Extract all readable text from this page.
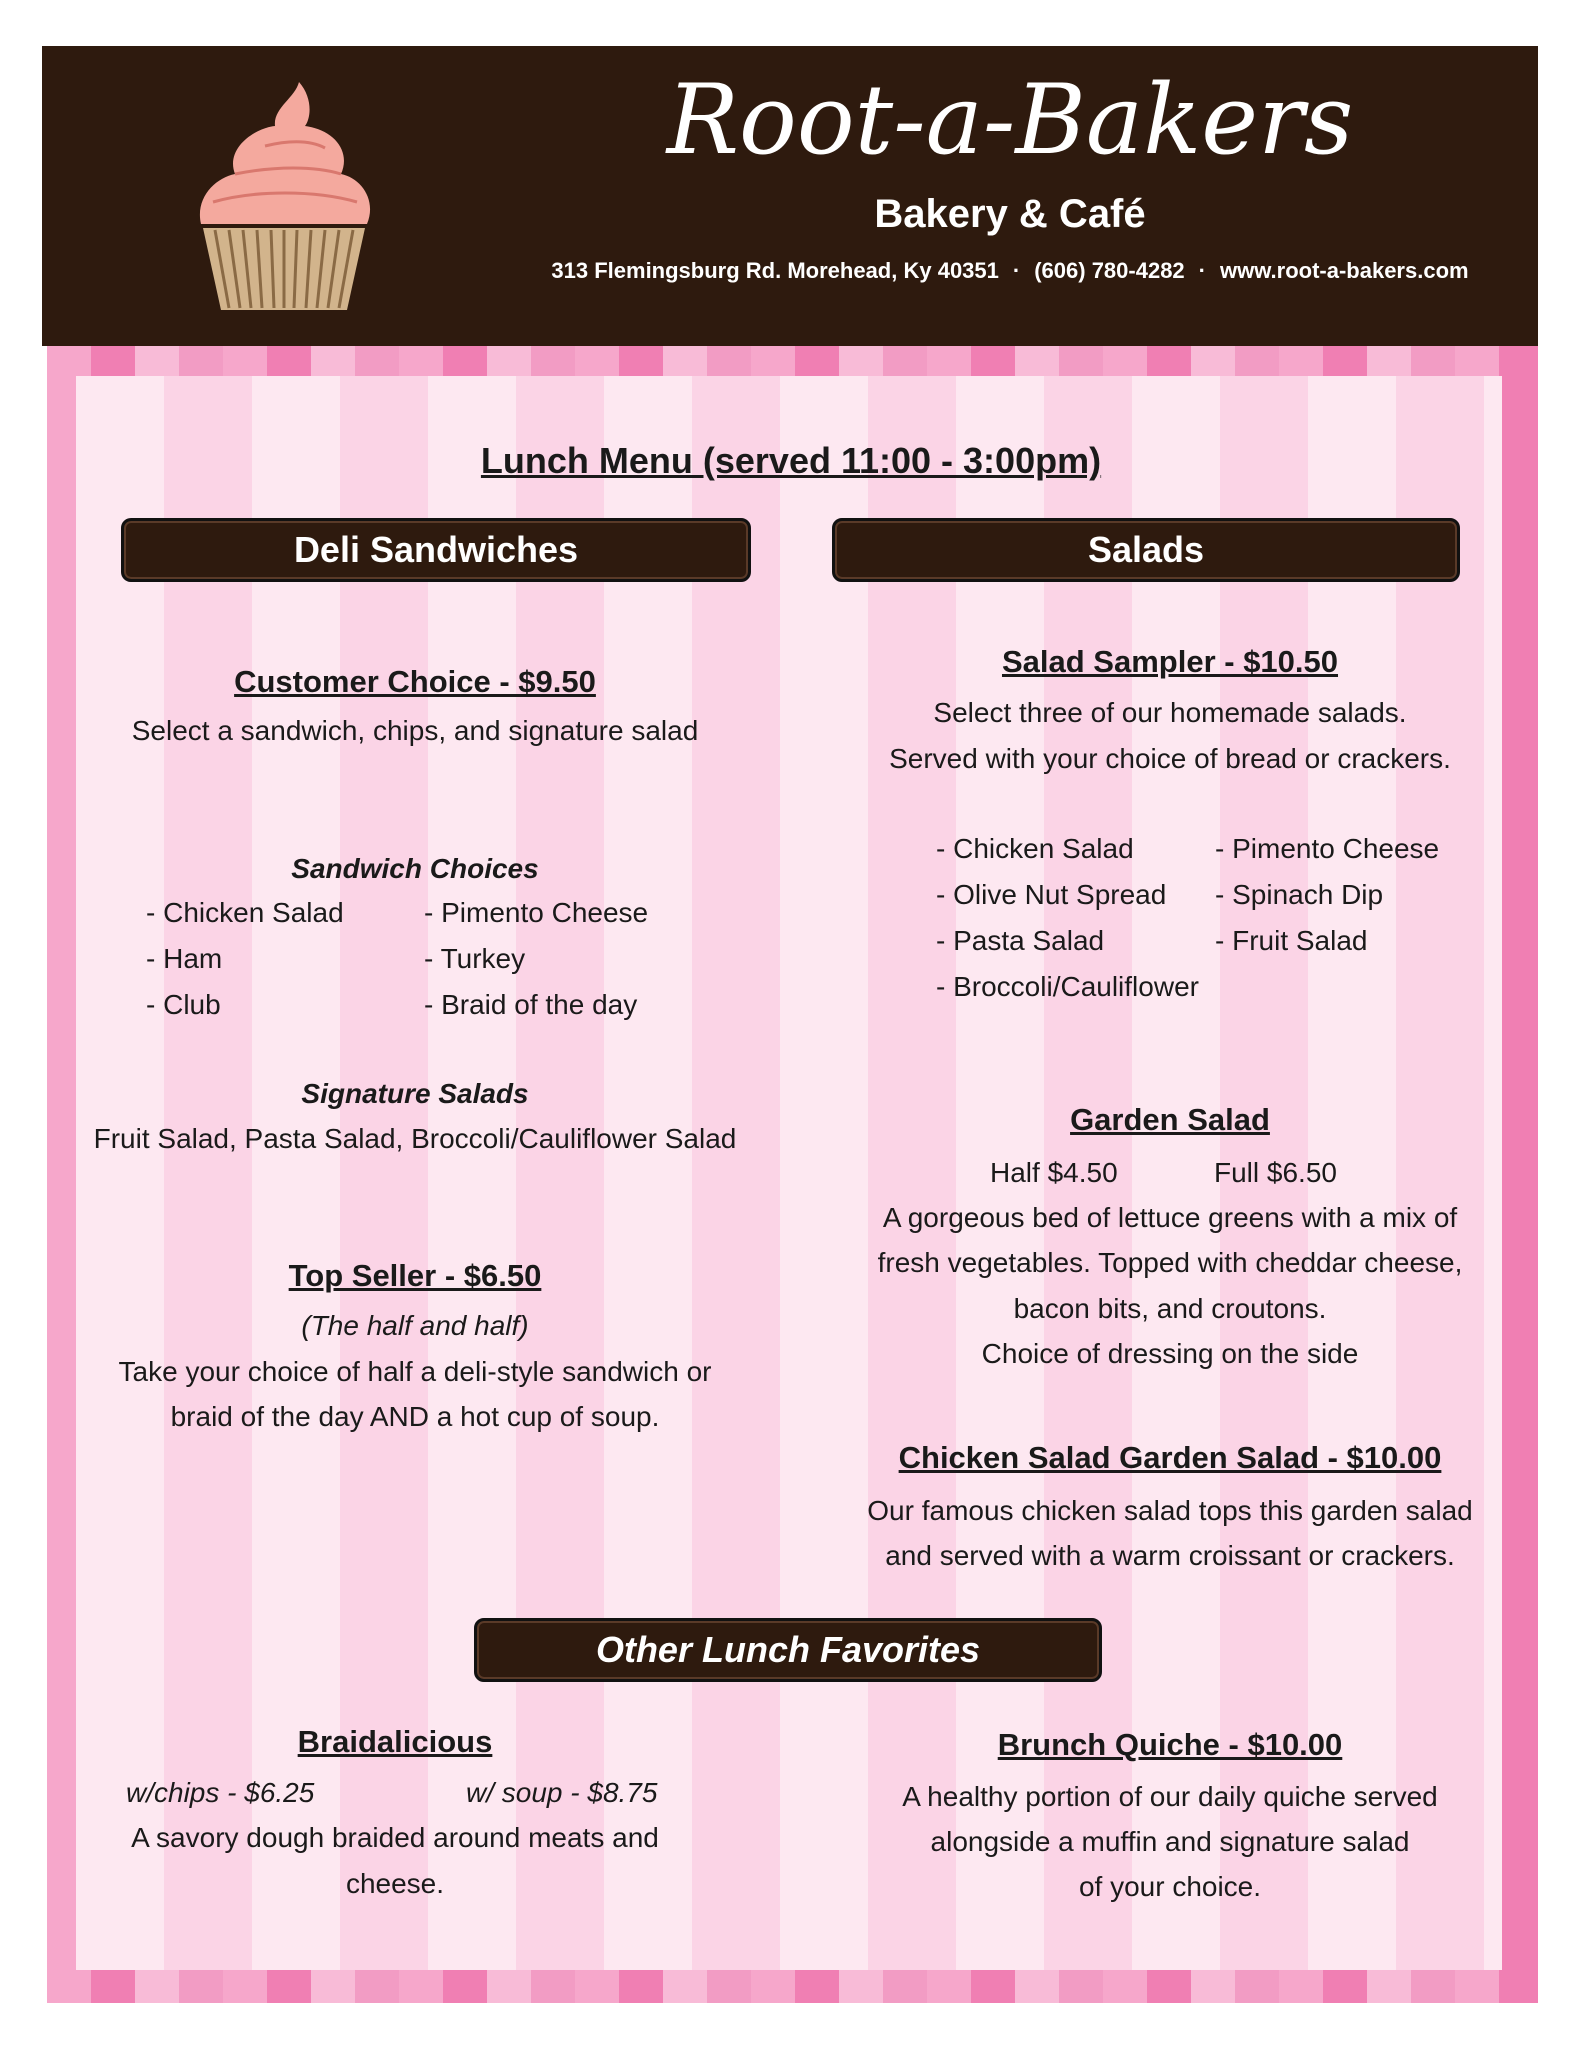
Root-a-Bakers
Bakery & Café
313 Flemingsburg Rd. Morehead, Ky 40351 · (606) 780-4282 · www.root-a-bakers.com
Lunch Menu (served 11:00 - 3:00pm)
Deli Sandwiches
Customer Choice - $9.50
Select a sandwich, chips, and signature salad
Sandwich Choices
- Chicken Salad
- Ham
- Club
- Pimento Cheese
- Turkey
- Braid of the day
Signature Salads
Fruit Salad, Pasta Salad, Broccoli/Cauliflower Salad
Top Seller - $6.50
(The half and half)
Take your choice of half a deli-style sandwich or
braid of the day AND a hot cup of soup.
Salads
Salad Sampler - $10.50
Select three of our homemade salads.
Served with your choice of bread or crackers.
- Chicken Salad
- Olive Nut Spread
- Pasta Salad
- Broccoli/Cauliflower
- Pimento Cheese
- Spinach Dip
- Fruit Salad
Garden Salad
Half $4.50	Full $6.50
A gorgeous bed of lettuce greens with a mix of
fresh vegetables. Topped with cheddar cheese,
bacon bits, and croutons.
Choice of dressing on the side
Chicken Salad Garden Salad - $10.00
Our famous chicken salad tops this garden salad
and served with a warm croissant or crackers.
Other Lunch Favorites
Braidalicious
w/chips - $6.25	w/ soup - $8.75
A savory dough braided around meats and
cheese.
Brunch Quiche - $10.00
A healthy portion of our daily quiche served
alongside a muffin and signature salad
of your choice.
